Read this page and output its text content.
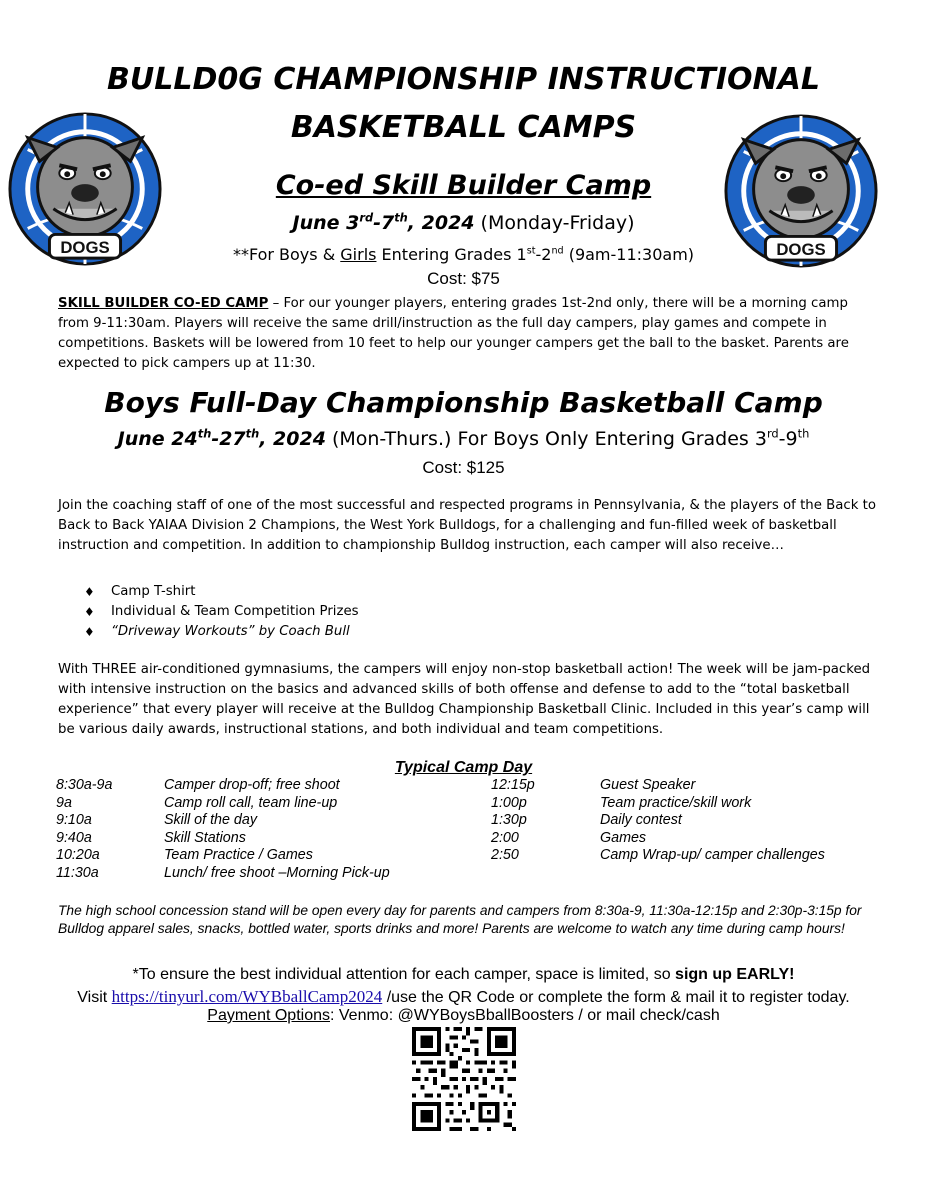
DOGS	DOGS
BULLD0G CHAMPIONSHIP INSTRUCTIONAL
BASKETBALL CAMPS
Co-ed Skill Builder Camp
June 3rd-7th, 2024 (Monday-Friday)
**For Boys & Girls Entering Grades 1st-2nd (9am-11:30am)
Cost: $75
SKILL BUILDER CO-ED CAMP – For our younger players, entering grades 1st-2nd only, there will be a morning camp from 9-11:30am. Players will receive the same drill/instruction as the full day campers, play games and compete in competitions. Baskets will be lowered from 10 feet to help our younger campers get the ball to the basket. Parents are expected to pick campers up at 11:30.
Boys Full-Day Championship Basketball Camp
June 24th-27th, 2024 (Mon-Thurs.) For Boys Only Entering Grades 3rd-9th
Cost: $125
Join the coaching staff of one of the most successful and respected programs in Pennsylvania, & the players of the Back to Back to Back YAIAA Division 2 Champions, the West York Bulldogs, for a challenging and fun-filled week of basketball instruction and competition. In addition to championship Bulldog instruction, each camper will also receive…
♦ Camp T-shirt
♦ Individual & Team Competition Prizes
♦ “Driveway Workouts” by Coach Bull
With THREE air-conditioned gymnasiums, the campers will enjoy non-stop basketball action! The week will be jam-packed with intensive instruction on the basics and advanced skills of both offense and defense to add to the “total basketball experience” that every player will receive at the Bulldog Championship Basketball Clinic. Included in this year’s camp will be various daily awards, instructional stations, and both individual and team competitions.
Typical Camp Day
8:30a-9a	Camper drop-off; free shoot	12:15p	Guest Speaker
9a	Camp roll call, team line-up	1:00p	Team practice/skill work
9:10a	Skill of the day	1:30p	Daily contest
9:40a	Skill Stations	2:00	Games
10:20a	Team Practice / Games	2:50	Camp Wrap-up/ camper challenges
11:30a	Lunch/ free shoot –Morning Pick-up
The high school concession stand will be open every day for parents and campers from 8:30a-9, 11:30a-12:15p and 2:30p-3:15p for Bulldog apparel sales, snacks, bottled water, sports drinks and more! Parents are welcome to watch any time during camp hours!
*To ensure the best individual attention for each camper, space is limited, so sign up EARLY!
Visit https://tinyurl.com/WYBballCamp2024 /use the QR Code or complete the form & mail it to register today.
Payment Options: Venmo: @WYBoysBballBoosters / or mail check/cash
